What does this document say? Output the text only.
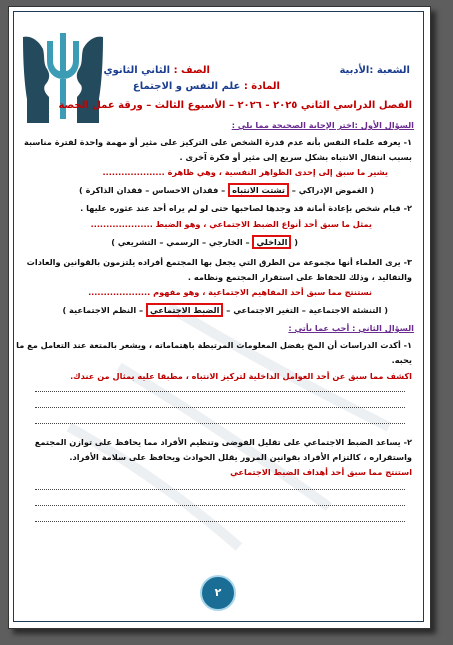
الشعبة :الأدبية
الصف : الثاني الثانوي
المادة : علم النفس و الاجتماع
الفصل الدراسي الثاني ٢٠٢٥ - ٢٠٢٦ – الأسبوع الثالث – ورقة عمل الحصة
السؤال الأول :اختر الإجابة الصحيحة مما يلي :
١- يعرفه علماء النفس بأنه عدم قدرة الشخص على التركيز على مثير أو مهمة واحدة لفترة مناسبة
بسبب انتقال الانتباه بشكل سريع إلى مثير أو فكرة آخرى .
يشير ما سبق إلى إحدى الظواهر النفسية ، وهي ظاهرة ....................
( الغموض الإدراكي – تشتت الانتباه – فقدان الاحساس – فقدان الذاكرة )
٢- قيام شخص بإعادة أمانة قد وجدها لصاحبها حتى لو لم يراه أحد عند عثوره عليها .
يمثل ما سبق أحد أنواع الضبط الاجتماعي ، وهو الضبط ....................
( الداخلي – الخارجي – الرسمي – التشريعي )
٣- يرى العلماء أنها مجموعة من الطرق التي يجعل بها المجتمع أفراده يلتزمون بالقوانين والعادات
والتقاليد ، وذلك للحفاظ على استقرار المجتمع ونظامه .
نستنتج مما سبق أحد المفاهيم الاجتماعية ، وهو مفهوم ....................
( التنشئة الاجتماعية – التغير الاجتماعي – الضبط الاجتماعي – النظم الاجتماعية )
السؤال الثاني : أجب عما يأتي :
١- أكدت الدراسات أن المخ يفضل المعلومات المرتبطة باهتماماته ، ويشعر بالمتعة عند التعامل مع ما
يحبه.
اكشف مما سبق عن أحد العوامل الداخلية لتركيز الانتباه ، مطبقا عليه بمثال من عندك.
٢- يساعد الضبط الاجتماعي على تقليل الفوضى وتنظيم الأفراد مما يحافظ على توازن المجتمع
واستقراره ، كالتزام الأفراد بقوانين المرور يقلل الحوادث ويحافظ على سلامة الأفراد.
استنتج مما سبق أحد أهداف الضبط الاجتماعي
٢
